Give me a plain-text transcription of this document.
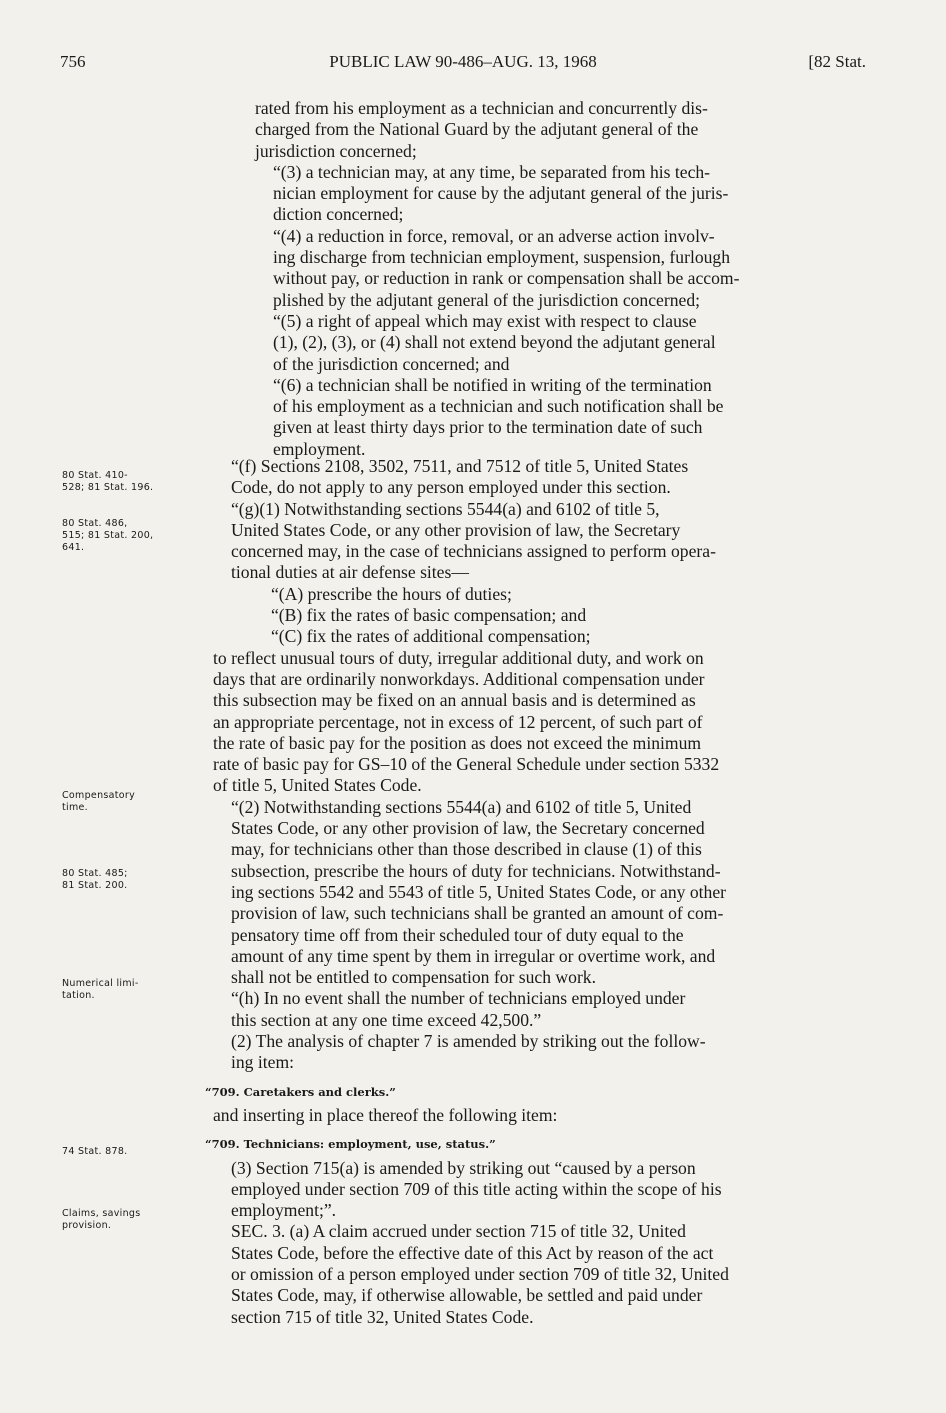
756	PUBLIC LAW 90-486–AUG. 13, 1968	[82 Stat.
80 Stat. 410-
528; 81 Stat. 196.
80 Stat. 486,
515; 81 Stat. 200,
641.
Compensatory
time.
80 Stat. 485;
81 Stat. 200.
Numerical limi-
tation.
74 Stat. 878.
Claims, savings
provision.

rated from his employment as a technician and concurrently dis-
charged from the National Guard by the adjutant general of the
jurisdiction concerned;

“(3) a technician may, at any time, be separated from his tech-
nician employment for cause by the adjutant general of the juris-
diction concerned;

“(4) a reduction in force, removal, or an adverse action involv-
ing discharge from technician employment, suspension, furlough
without pay, or reduction in rank or compensation shall be accom-
plished by the adjutant general of the jurisdiction concerned;

“(5) a right of appeal which may exist with respect to clause
(1), (2), (3), or (4) shall not extend beyond the adjutant general
of the jurisdiction concerned; and

“(6) a technician shall be notified in writing of the termination
of his employment as a technician and such notification shall be
given at least thirty days prior to the termination date of such
employment.

“(f) Sections 2108, 3502, 7511, and 7512 of title 5, United States
Code, do not apply to any person employed under this section.

“(g)(1) Notwithstanding sections 5544(a) and 6102 of title 5,
United States Code, or any other provision of law, the Secretary
concerned may, in the case of technicians assigned to perform opera-
tional duties at air defense sites—

“(A) prescribe the hours of duties;

“(B) fix the rates of basic compensation; and

“(C) fix the rates of additional compensation;

to reflect unusual tours of duty, irregular additional duty, and work on
days that are ordinarily nonworkdays. Additional compensation under
this subsection may be fixed on an annual basis and is determined as
an appropriate percentage, not in excess of 12 percent, of such part of
the rate of basic pay for the position as does not exceed the minimum
rate of basic pay for GS–10 of the General Schedule under section 5332
of title 5, United States Code.

“(2) Notwithstanding sections 5544(a) and 6102 of title 5, United
States Code, or any other provision of law, the Secretary concerned
may, for technicians other than those described in clause (1) of this
subsection, prescribe the hours of duty for technicians. Notwithstand-
ing sections 5542 and 5543 of title 5, United States Code, or any other
provision of law, such technicians shall be granted an amount of com-
pensatory time off from their scheduled tour of duty equal to the
amount of any time spent by them in irregular or overtime work, and
shall not be entitled to compensation for such work.

“(h) In no event shall the number of technicians employed under
this section at any one time exceed 42,500.”

(2) The analysis of chapter 7 is amended by striking out the follow-
ing item:

“709. Caretakers and clerks.”

and inserting in place thereof the following item:

“709. Technicians: employment, use, status.”

(3) Section 715(a) is amended by striking out “caused by a person
employed under section 709 of this title acting within the scope of his
employment;”.

SEC. 3. (a) A claim accrued under section 715 of title 32, United
States Code, before the effective date of this Act by reason of the act
or omission of a person employed under section 709 of title 32, United
States Code, may, if otherwise allowable, be settled and paid under
section 715 of title 32, United States Code.
